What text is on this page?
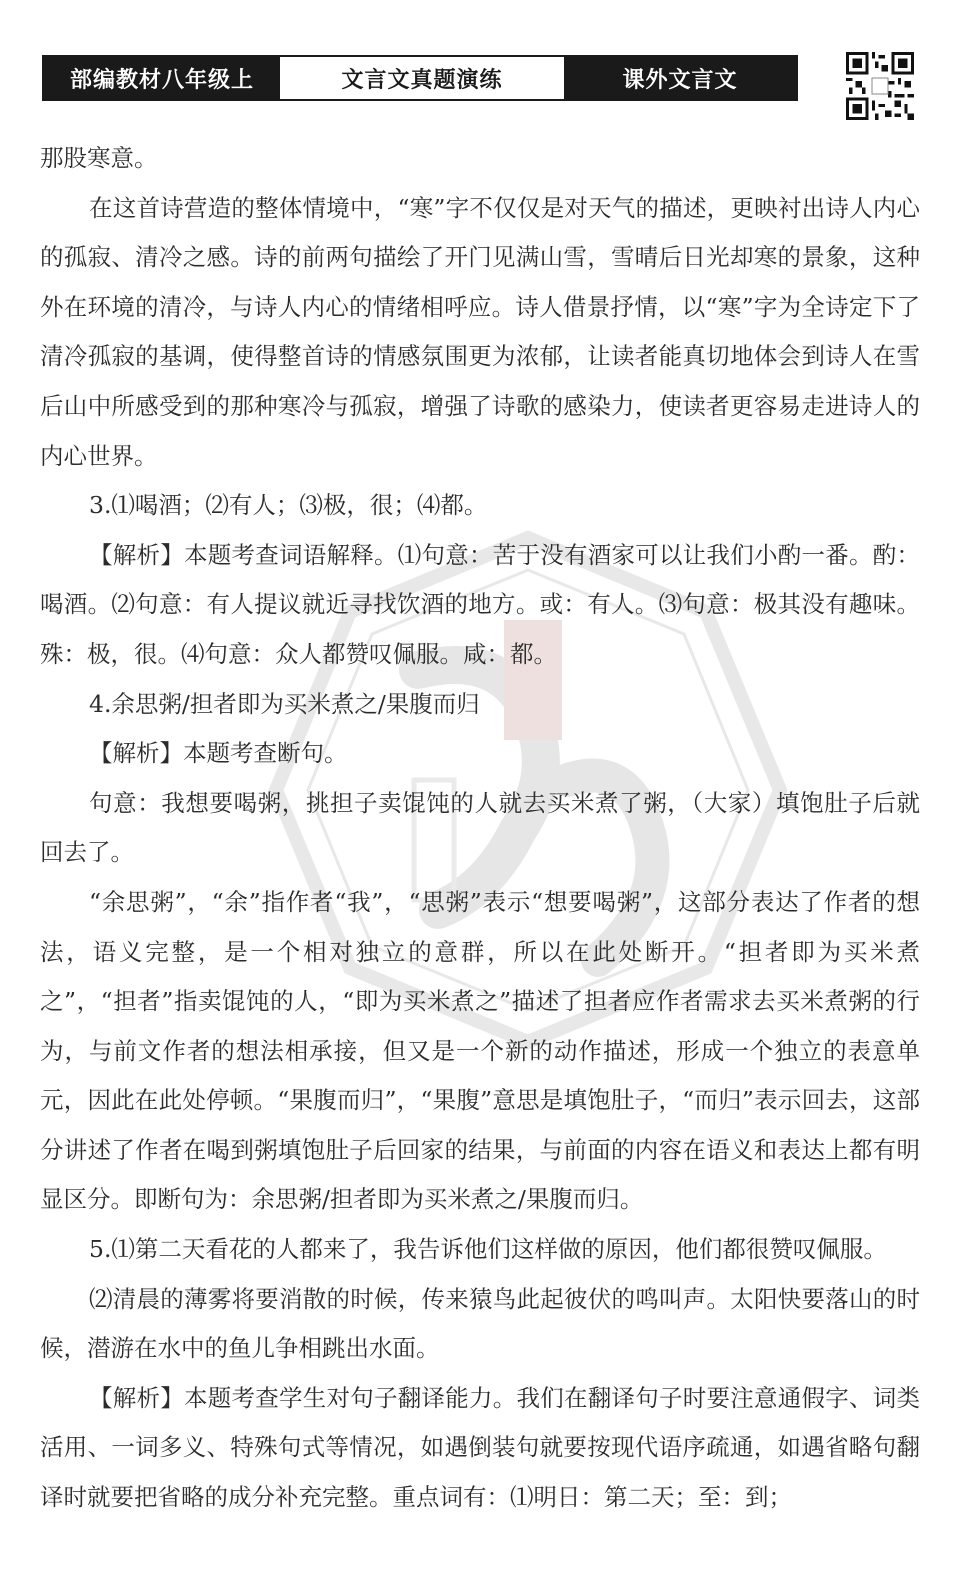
部编教材八年级上	文言文真题演练	课外文言文

那股寒意。

在这首诗营造的整体情境中，“寒”字不仅仅是对天气的描述，更映衬出诗人内心的孤寂、清冷之感。诗的前两句描绘了开门见满山雪，雪晴后日光却寒的景象，这种外在环境的清冷，与诗人内心的情绪相呼应。诗人借景抒情，以“寒”字为全诗定下了清冷孤寂的基调，使得整首诗的情感氛围更为浓郁，让读者能真切地体会到诗人在雪后山中所感受到的那种寒冷与孤寂，增强了诗歌的感染力，使读者更容易走进诗人的内心世界。

3.⑴喝酒；⑵有人；⑶极，很；⑷都。

【解析】本题考查词语解释。⑴句意：苦于没有酒家可以让我们小酌一番。酌：喝酒。⑵句意：有人提议就近寻找饮酒的地方。或：有人。⑶句意：极其没有趣味。殊：极，很。⑷句意：众人都赞叹佩服。咸：都。

4.余思粥/担者即为买米煮之/果腹而归

【解析】本题考查断句。

句意：我想要喝粥，挑担子卖馄饨的人就去买米煮了粥，（大家）填饱肚子后就回去了。

“余思粥”，“余”指作者“我”，“思粥”表示“想要喝粥”，这部分表达了作者的想法，语义完整，是一个相对独立的意群，所以在此处断开。“担者即为买米煮之”，“担者”指卖馄饨的人，“即为买米煮之”描述了担者应作者需求去买米煮粥的行为，与前文作者的想法相承接，但又是一个新的动作描述，形成一个独立的表意单元，因此在此处停顿。“果腹而归”，“果腹”意思是填饱肚子，“而归”表示回去，这部分讲述了作者在喝到粥填饱肚子后回家的结果，与前面的内容在语义和表达上都有明显区分。即断句为：余思粥/担者即为买米煮之/果腹而归。

5.⑴第二天看花的人都来了，我告诉他们这样做的原因，他们都很赞叹佩服。

⑵清晨的薄雾将要消散的时候，传来猿鸟此起彼伏的鸣叫声。太阳快要落山的时候，潜游在水中的鱼儿争相跳出水面。

【解析】本题考查学生对句子翻译能力。我们在翻译句子时要注意通假字、词类活用、一词多义、特殊句式等情况，如遇倒装句就要按现代语序疏通，如遇省略句翻译时就要把省略的成分补充完整。重点词有：⑴明日：第二天；至：到；
